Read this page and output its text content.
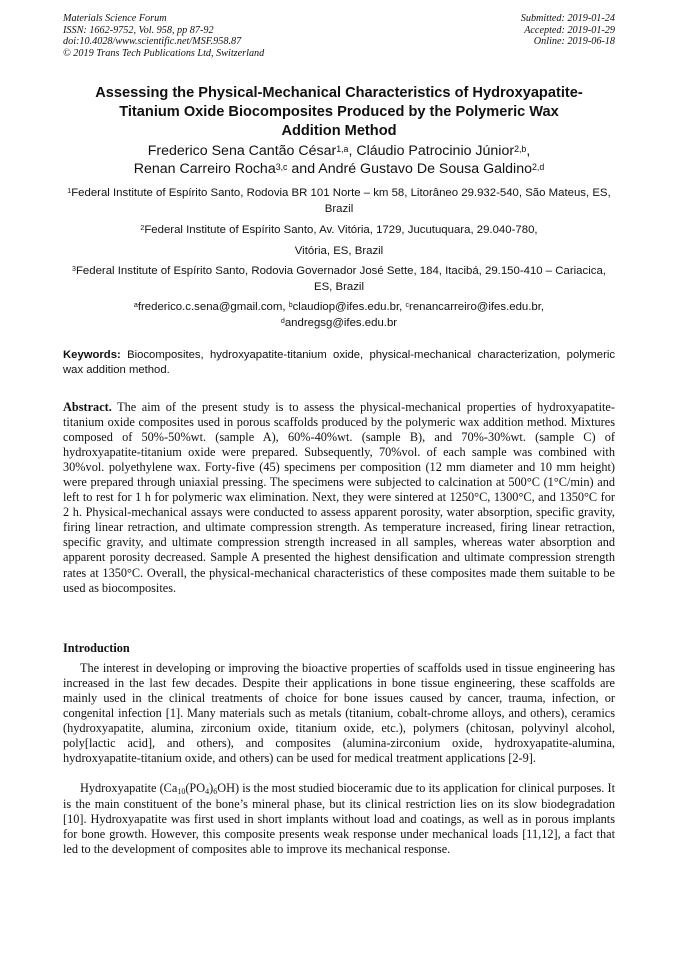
Materials Science Forum
ISSN: 1662-9752, Vol. 958, pp 87-92
doi:10.4028/www.scientific.net/MSF.958.87
© 2019 Trans Tech Publications Ltd, Switzerland
Submitted: 2019-01-24
Accepted: 2019-01-29
Online: 2019-06-18
Assessing the Physical-Mechanical Characteristics of Hydroxyapatite-
Titanium Oxide Biocomposites Produced by the Polymeric Wax
Addition Method
Frederico Sena Cantão César$^{1,a}$, Cláudio Patrocinio Júnior$^{2,b}$,
Renan Carreiro Rocha$^{3,c}$ and André Gustavo De Sousa Galdino$^{2,d}$
$^1$Federal Institute of Espírito Santo, Rodovia BR 101 Norte – km 58, Litorâneo 29.932-540, São Mateus, ES, Brazil
$^2$Federal Institute of Espírito Santo, Av. Vitória, 1729, Jucutuquara, 29.040-780,
Vitória, ES, Brazil
$^3$Federal Institute of Espírito Santo, Rodovia Governador José Sette, 184, Itacibá, 29.150-410 – Cariacica, ES, Brazil
$^a$frederico.c.sena@gmail.com, $^b$claudiop@ifes.edu.br, $^c$renancarreiro@ifes.edu.br,
$^d$andregsg@ifes.edu.br
Keywords: Biocomposites, hydroxyapatite-titanium oxide, physical-mechanical characterization, polymeric wax addition method.
Abstract. The aim of the present study is to assess the physical-mechanical properties of hydroxyapatite-titanium oxide composites used in porous scaffolds produced by the polymeric wax addition method. Mixtures composed of 50%-50%wt. (sample A), 60%-40%wt. (sample B), and 70%-30%wt. (sample C) of hydroxyapatite-titanium oxide were prepared. Subsequently, 70%vol. of each sample was combined with 30%vol. polyethylene wax. Forty-five (45) specimens per composition (12 mm diameter and 10 mm height) were prepared through uniaxial pressing. The specimens were subjected to calcination at 500°C (1°C/min) and left to rest for 1 h for polymeric wax elimination. Next, they were sintered at 1250°C, 1300°C, and 1350°C for 2 h. Physical-mechanical assays were conducted to assess apparent porosity, water absorption, specific gravity, firing linear retraction, and ultimate compression strength. As temperature increased, firing linear retraction, specific gravity, and ultimate compression strength increased in all samples, whereas water absorption and apparent porosity decreased. Sample A presented the highest densification and ultimate compression strength rates at 1350°C. Overall, the physical-mechanical characteristics of these composites made them suitable to be used as biocomposites.
Introduction
The interest in developing or improving the bioactive properties of scaffolds used in tissue engineering has increased in the last few decades. Despite their applications in bone tissue engineering, these scaffolds are mainly used in the clinical treatments of choice for bone issues caused by cancer, trauma, infection, or congenital infection [1]. Many materials such as metals (titanium, cobalt-chrome alloys, and others), ceramics (hydroxyapatite, alumina, zirconium oxide, titanium oxide, etc.), polymers (chitosan, polyvinyl alcohol, poly[lactic acid], and others), and composites (alumina-zirconium oxide, hydroxyapatite-alumina, hydroxyapatite-titanium oxide, and others) can be used for medical treatment applications [2-9].
Hydroxyapatite $(Ca_{10}(PO_4)_6OH)$ is the most studied bioceramic due to its application for clinical purposes. It is the main constituent of the bone’s mineral phase, but its clinical restriction lies on its slow biodegradation [10]. Hydroxyapatite was first used in short implants without load and coatings, as well as in porous implants for bone growth. However, this composite presents weak response under mechanical loads [11,12], a fact that led to the development of composites able to improve its mechanical response.
